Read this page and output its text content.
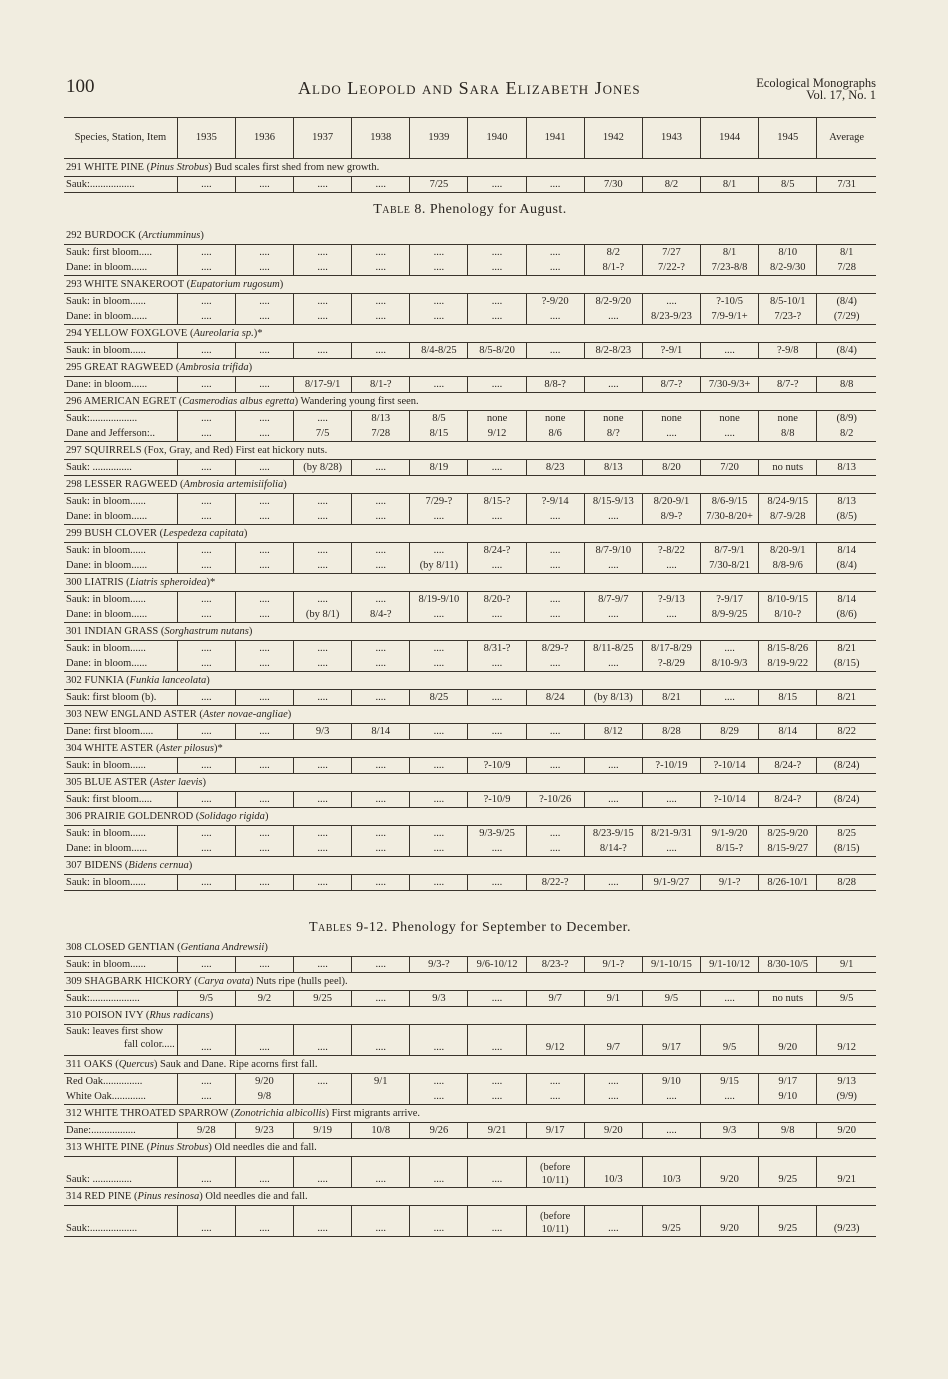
100	Aldo Leopold and Sara Elizabeth Jones	Ecological Monographs
Vol. 17, No. 1
Species, Station, Item	1935	1936	1937	1938	1939	1940	1941	1942	1943	1944	1945	Average
291 WHITE PINE (Pinus Strobus) Bud scales first shed from new growth.												
Sauk:.................	....	....	....	....	7/25	....	....	7/30	8/2	8/1	8/5	7/31
Table 8. Phenology for August.												
292 BURDOCK (Arctiumminus)												
Sauk: first bloom.....	....	....	....	....	....	....	....	8/2	7/27	8/1	8/10	8/1
Dane: in bloom......	....	....	....	....	....	....	....	8/1-?	7/22-?	7/23-8/8	8/2-9/30	7/28
293 WHITE SNAKEROOT (Eupatorium rugosum)												
Sauk: in bloom......	....	....	....	....	....	....	?-9/20	8/2-9/20	....	?-10/5	8/5-10/1	(8/4)
Dane: in bloom......	....	....	....	....	....	....	....	....	8/23-9/23	7/9-9/1+	7/23-?	(7/29)
294 YELLOW FOXGLOVE (Aureolaria sp.)*												
Sauk: in bloom......	....	....	....	....	8/4-8/25	8/5-8/20	....	8/2-8/23	?-9/1	....	?-9/8	(8/4)
295 GREAT RAGWEED (Ambrosia trifida)												
Dane: in bloom......	....	....	8/17-9/1	8/1-?	....	....	8/8-?	....	8/7-?	7/30-9/3+	8/7-?	8/8
296 AMERICAN EGRET (Casmerodias albus egretta) Wandering young first seen.												
Sauk:..................	....	....	....	8/13	8/5	none	none	none	none	none	none	(8/9)
Dane and Jefferson:..	....	....	7/5	7/28	8/15	9/12	8/6	8/?	....	....	8/8	8/2
297 SQUIRRELS (Fox, Gray, and Red) First eat hickory nuts.												
Sauk: ...............	....	....	(by 8/28)	....	8/19	....	8/23	8/13	8/20	7/20	no nuts	8/13
298 LESSER RAGWEED (Ambrosia artemisiifolia)												
Sauk: in bloom......	....	....	....	....	7/29-?	8/15-?	?-9/14	8/15-9/13	8/20-9/1	8/6-9/15	8/24-9/15	8/13
Dane: in bloom......	....	....	....	....	....	....	....	....	8/9-?	7/30-8/20+	8/7-9/28	(8/5)
299 BUSH CLOVER (Lespedeza capitata)												
Sauk: in bloom......	....	....	....	....	....	8/24-?	....	8/7-9/10	?-8/22	8/7-9/1	8/20-9/1	8/14
Dane: in bloom......	....	....	....	....	(by 8/11)	....	....	....	....	7/30-8/21	8/8-9/6	(8/4)
300 LIATRIS (Liatris spheroidea)*												
Sauk: in bloom......	....	....	....	....	8/19-9/10	8/20-?	....	8/7-9/7	?-9/13	?-9/17	8/10-9/15	8/14
Dane: in bloom......	....	....	(by 8/1)	8/4-?	....	....	....	....	....	8/9-9/25	8/10-?	(8/6)
301 INDIAN GRASS (Sorghastrum nutans)												
Sauk: in bloom......	....	....	....	....	....	8/31-?	8/29-?	8/11-8/25	8/17-8/29	....	8/15-8/26	8/21
Dane: in bloom......	....	....	....	....	....	....	....	....	?-8/29	8/10-9/3	8/19-9/22	(8/15)
302 FUNKIA (Funkia lanceolata)												
Sauk: first bloom (b).	....	....	....	....	8/25	....	8/24	(by 8/13)	8/21	....	8/15	8/21
303 NEW ENGLAND ASTER (Aster novae-angliae)												
Dane: first bloom.....	....	....	9/3	8/14	....	....	....	8/12	8/28	8/29	8/14	8/22
304 WHITE ASTER (Aster pilosus)*												
Sauk: in bloom......	....	....	....	....	....	?-10/9	....	....	?-10/19	?-10/14	8/24-?	(8/24)
305 BLUE ASTER (Aster laevis)												
Sauk: first bloom.....	....	....	....	....	....	?-10/9	?-10/26	....	....	?-10/14	8/24-?	(8/24)
306 PRAIRIE GOLDENROD (Solidago rigida)												
Sauk: in bloom......	....	....	....	....	....	9/3-9/25	....	8/23-9/15	8/21-9/31	9/1-9/20	8/25-9/20	8/25
Dane: in bloom......	....	....	....	....	....	....	....	8/14-?	....	8/15-?	8/15-9/27	(8/15)
307 BIDENS (Bidens cernua)												
Sauk: in bloom......	....	....	....	....	....	....	8/22-?	....	9/1-9/27	9/1-?	8/26-10/1	8/28
Tables 9-12. Phenology for September to December.												
308 CLOSED GENTIAN (Gentiana Andrewsii)												
Sauk: in bloom......	....	....	....	....	9/3-?	9/6-10/12	8/23-?	9/1-?	9/1-10/15	9/1-10/12	8/30-10/5	9/1
309 SHAGBARK HICKORY (Carya ovata) Nuts ripe (hulls peel).												
Sauk:...................	9/5	9/2	9/25	....	9/3	....	9/7	9/1	9/5	....	no nuts	9/5
310 POISON IVY (Rhus radicans)												

Sauk: leaves first show
fall color.....	....	....	....	....	....	....	9/12	9/7	9/17	9/5	9/20	9/12
311 OAKS (Quercus) Sauk and Dane. Ripe acorns first fall.												
Red Oak...............	....	9/20	....	9/1	....	....	....	....	9/10	9/15	9/17	9/13
White Oak.............	....	9/8			....	....	....	....	....	....	9/10	(9/9)
312 WHITE THROATED SPARROW (Zonotrichia albicollis) First migrants arrive.												
Dane:.................	9/28	9/23	9/19	10/8	9/26	9/21	9/17	9/20	....	9/3	9/8	9/20
313 WHITE PINE (Pinus Strobus) Old needles die and fall.												
Sauk: ...............	....	....	....	....	....	....	(before
10/11)	10/3	10/3	9/20	9/25	9/21
314 RED PINE (Pinus resinosa) Old needles die and fall.												
Sauk:..................	....	....	....	....	....	....	(before
10/11)	....	9/25	9/20	9/25	(9/23)
